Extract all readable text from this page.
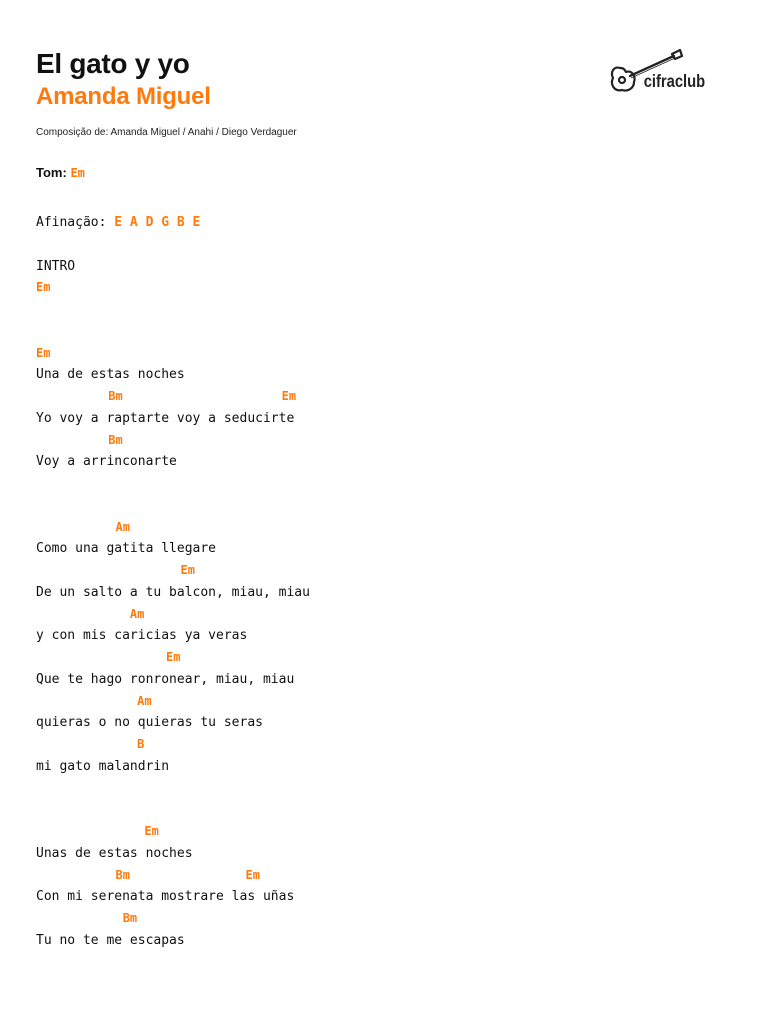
El gato y yo
Amanda Miguel
Composição de: Amanda Miguel / Anahi / Diego Verdaguer
Tom: Em
cifraclub
Afinação: E A D G B E
INTRO
Em
Em
Una de estas noches
Bm                      Em
Yo voy a raptarte voy a seducirte
Bm
Voy a arrinconarte
Am
Como una gatita llegare
Em
De un salto a tu balcon, miau, miau
Am
y con mis caricias ya veras
Em
Que te hago ronronear, miau, miau
Am
quieras o no quieras tu seras
B
mi gato malandrin
Em
Unas de estas noches
Bm                Em
Con mi serenata mostrare las uñas
Bm
Tu no te me escapas
